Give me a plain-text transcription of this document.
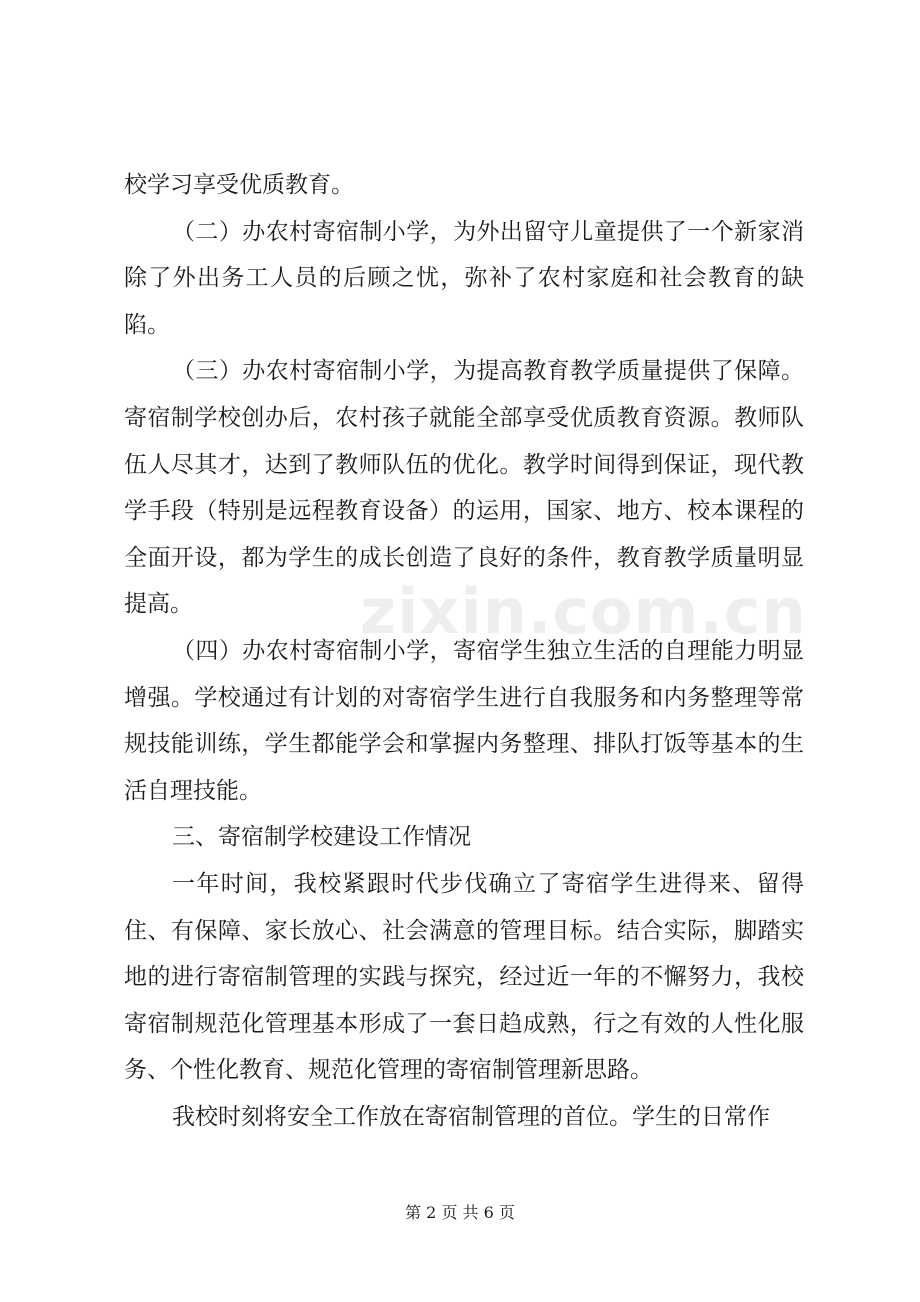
zixin.com.cn

校学习享受优质教育。

（二）办农村寄宿制小学，为外出留守儿童提供了一个新家消除了外出务工人员的后顾之忧，弥补了农村家庭和社会教育的缺陷。

（三）办农村寄宿制小学，为提高教育教学质量提供了保障。寄宿制学校创办后，农村孩子就能全部享受优质教育资源。教师队伍人尽其才，达到了教师队伍的优化。教学时间得到保证，现代教学手段（特别是远程教育设备）的运用，国家、地方、校本课程的全面开设，都为学生的成长创造了良好的条件，教育教学质量明显提高。

（四）办农村寄宿制小学，寄宿学生独立生活的自理能力明显增强。学校通过有计划的对寄宿学生进行自我服务和内务整理等常规技能训练，学生都能学会和掌握内务整理、排队打饭等基本的生活自理技能。

三、寄宿制学校建设工作情况

一年时间，我校紧跟时代步伐确立了寄宿学生进得来、留得住、有保障、家长放心、社会满意的管理目标。结合实际，脚踏实地的进行寄宿制管理的实践与探究，经过近一年的不懈努力，我校寄宿制规范化管理基本形成了一套日趋成熟，行之有效的人性化服务、个性化教育、规范化管理的寄宿制管理新思路。

我校时刻将安全工作放在寄宿制管理的首位。学生的日常作

第 2 页 共 6 页
